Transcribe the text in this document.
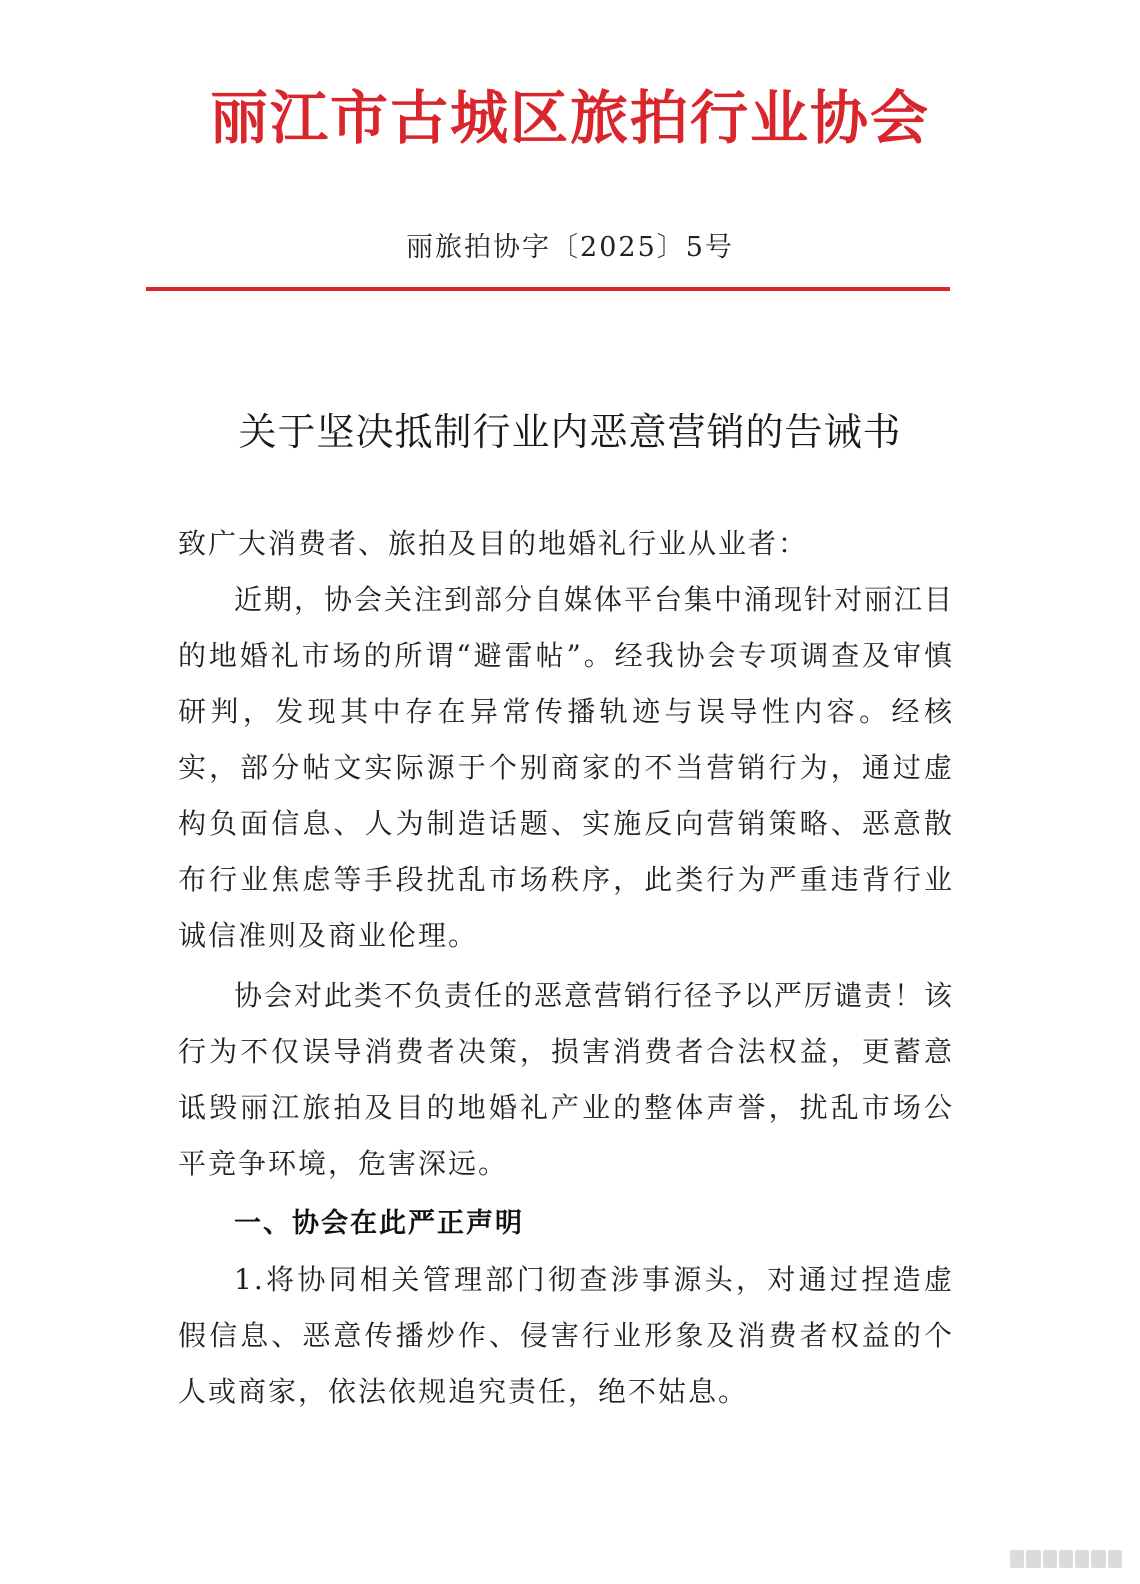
丽江市古城区旅拍行业协会
丽旅拍协字〔2025〕5号
关于坚决抵制行业内恶意营销的告诫书
致广大消费者、旅拍及目的地婚礼行业从业者：
近期，协会关注到部分自媒体平台集中涌现针对丽江目的地婚礼市场的所谓“避雷帖”。经我协会专项调查及审慎研判，发现其中存在异常传播轨迹与误导性内容。经核实，部分帖文实际源于个别商家的不当营销行为，通过虚构负面信息、人为制造话题、实施反向营销策略、恶意散布行业焦虑等手段扰乱市场秩序，此类行为严重违背行业诚信准则及商业伦理。
协会对此类不负责任的恶意营销行径予以严厉谴责！该行为不仅误导消费者决策，损害消费者合法权益，更蓄意诋毁丽江旅拍及目的地婚礼产业的整体声誉，扰乱市场公平竞争环境，危害深远。
一、协会在此严正声明
1.将协同相关管理部门彻查涉事源头，对通过捏造虚假信息、恶意传播炒作、侵害行业形象及消费者权益的个人或商家，依法依规追究责任，绝不姑息。
